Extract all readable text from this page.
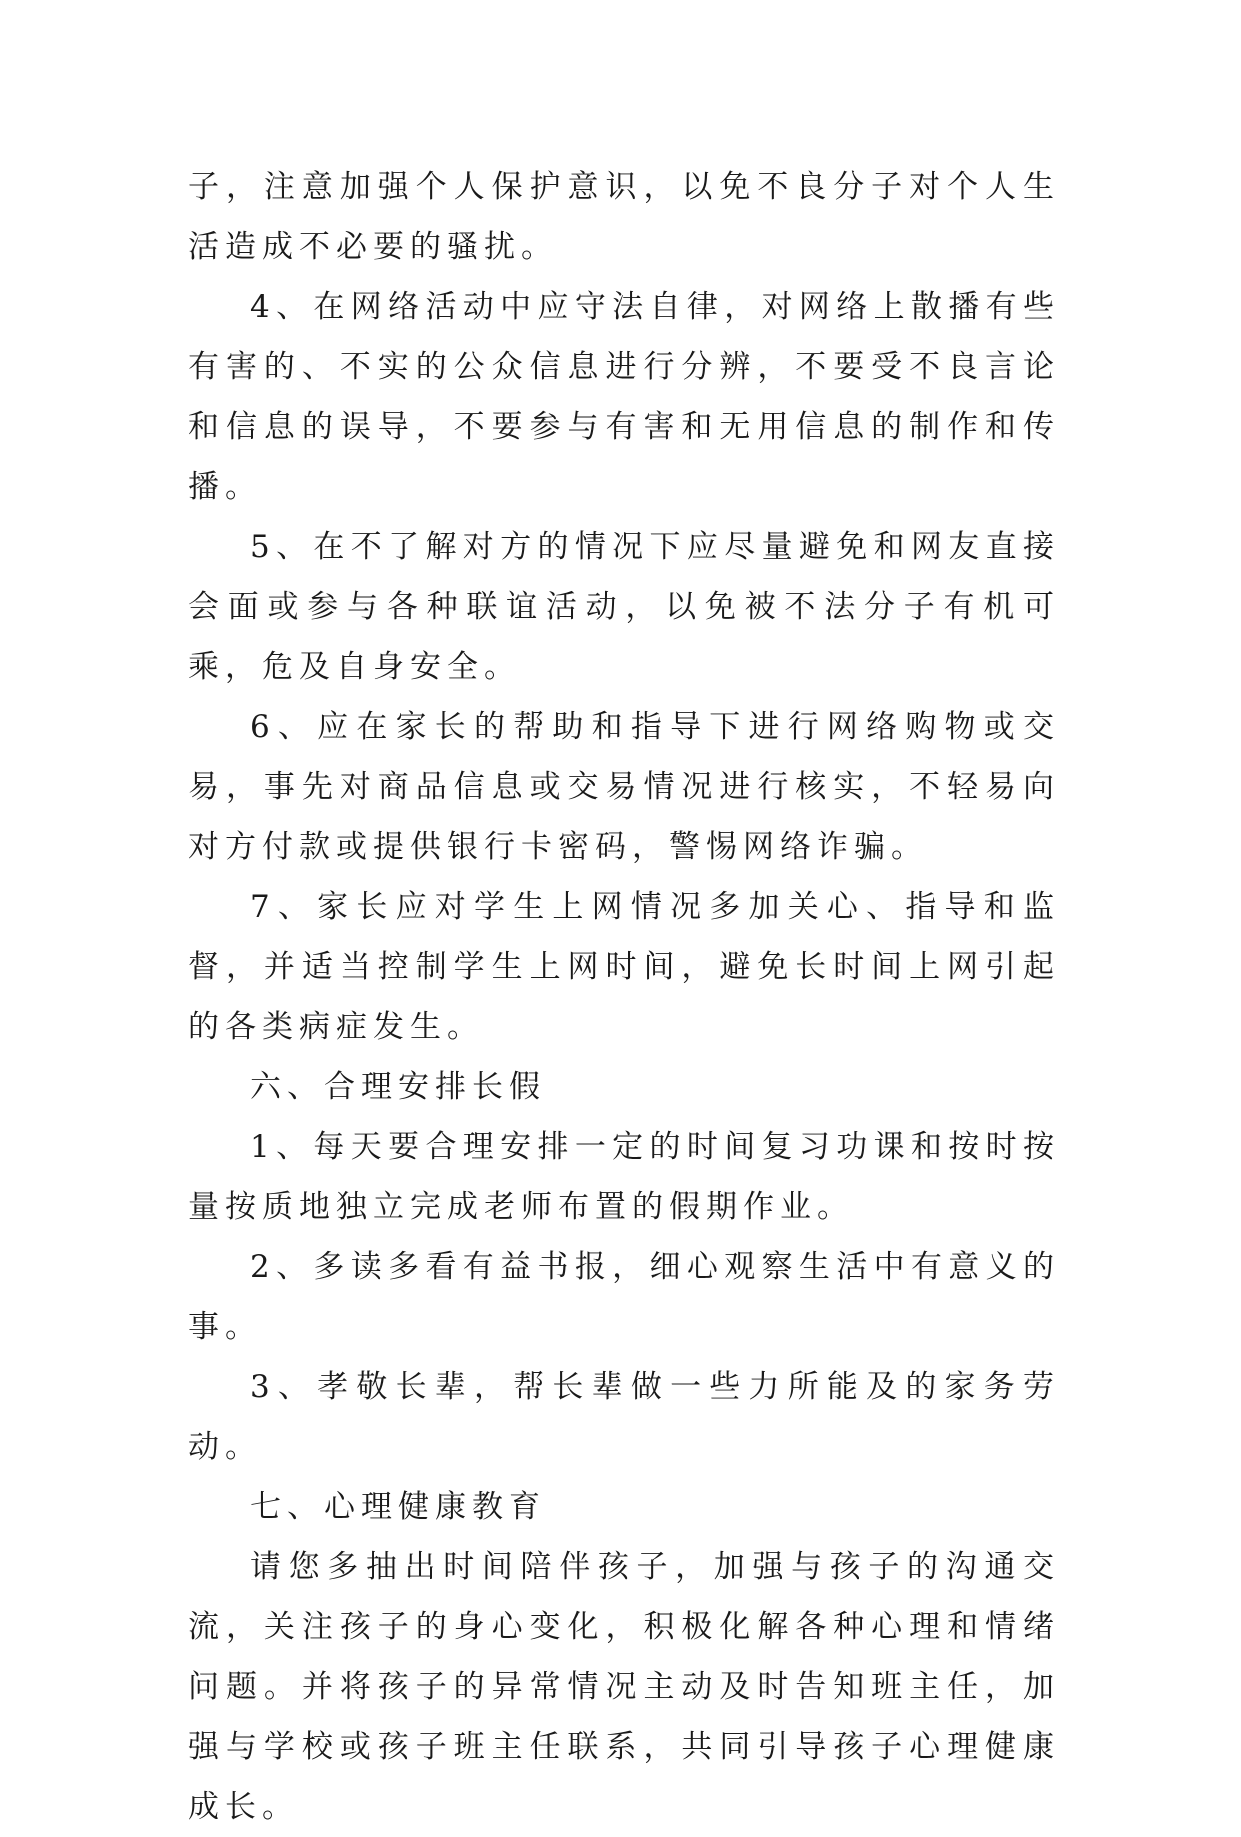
子，注意加强个人保护意识，以免不良分子对个人生活造成不必要的骚扰。

4、在网络活动中应守法自律，对网络上散播有些有害的、不实的公众信息进行分辨，不要受不良言论和信息的误导，不要参与有害和无用信息的制作和传播。

5、在不了解对方的情况下应尽量避免和网友直接会面或参与各种联谊活动，以免被不法分子有机可乘，危及自身安全。

6、应在家长的帮助和指导下进行网络购物或交易，事先对商品信息或交易情况进行核实，不轻易向对方付款或提供银行卡密码，警惕网络诈骗。

7、家长应对学生上网情况多加关心、指导和监督，并适当控制学生上网时间，避免长时间上网引起的各类病症发生。

六、合理安排长假

1、每天要合理安排一定的时间复习功课和按时按量按质地独立完成老师布置的假期作业。

2、多读多看有益书报，细心观察生活中有意义的事。

3、孝敬长辈，帮长辈做一些力所能及的家务劳动。

七、心理健康教育

请您多抽出时间陪伴孩子，加强与孩子的沟通交流，关注孩子的身心变化，积极化解各种心理和情绪问题。并将孩子的异常情况主动及时告知班主任，加强与学校或孩子班主任联系，共同引导孩子心理健康成长。
